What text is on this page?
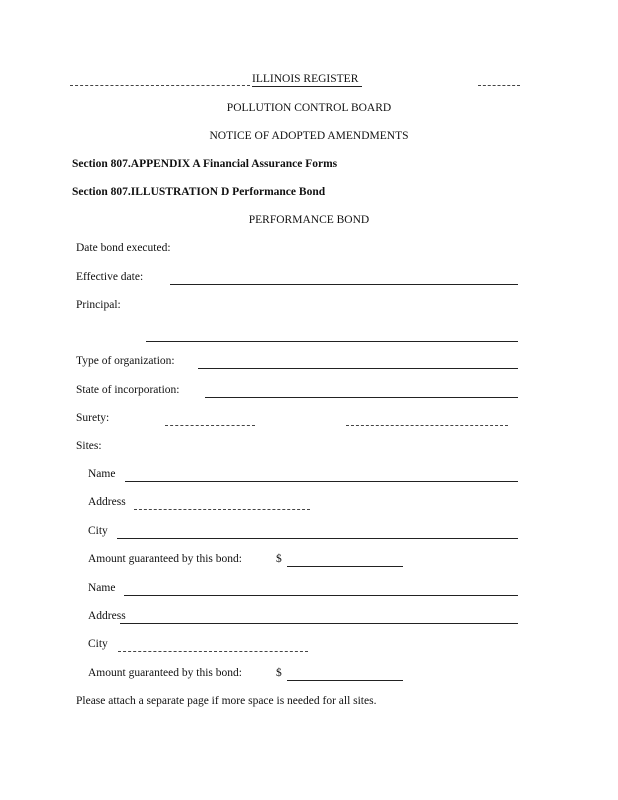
ILLINOIS REGISTER
POLLUTION CONTROL BOARD
NOTICE OF ADOPTED AMENDMENTS
Section 807.APPENDIX A Financial Assurance Forms
Section 807.ILLUSTRATION D Performance Bond
PERFORMANCE BOND
Date bond executed:
Effective date:
Principal:
Type of organization:
State of incorporation:
Surety:
Sites:
Name
Address
City
Amount guaranteed by this bond:	$
Name
Address
City
Amount guaranteed by this bond:	$
Please attach a separate page if more space is needed for all sites.
